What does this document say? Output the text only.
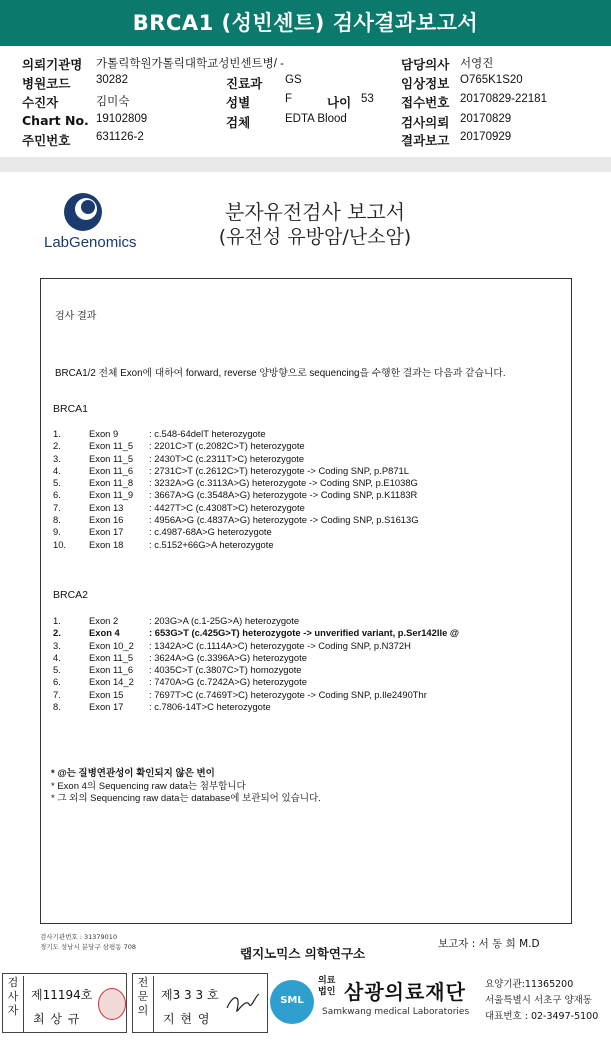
BRCA1 (성빈센트) 검사결과보고서
의뢰기관명 가톨릭학원가톨릭대학교성빈센트병/ -	담당의사 서영진
병원코드 30282	진료과 GS	임상정보 O765K1S20
수진자	김미숙	성별	F	나이 53 접수번호 20170829-22181
Chart No. 19102809	검체	EDTA Blood	검사의뢰 20170829
주민번호 631126-2	결과보고 20170929
LabGenomics
분자유전검사 보고서
(유전성 유방암/난소암)
검사 결과
BRCA1/2 전체 Exon에 대하여 forward, reverse 양방향으로 sequencing을 수행한 결과는 다음과 같습니다.
BRCA1
1.	Exon 9	: c.548-64delT heterozygote
2.	Exon 11_5 : 2201C>T (c.2082C>T) heterozygote
3.	Exon 11_5 : 2430T>C (c.2311T>C) heterozygote
4.	Exon 11_6 : 2731C>T (c.2612C>T) heterozygote -> Coding SNP, p.P871L
5.	Exon 11_8 : 3232A>G (c.3113A>G) heterozygote -> Coding SNP, p.E1038G
6.	Exon 11_9 : 3667A>G (c.3548A>G) heterozygote -> Coding SNP, p.K1183R
7.	Exon 13	: 4427T>C (c.4308T>C) heterozygote
8.	Exon 16	: 4956A>G (c.4837A>G) heterozygote -> Coding SNP, p.S1613G
9.	Exon 17	: c.4987-68A>G heterozygote
10. Exon 18	: c.5152+66G>A heterozygote
BRCA2
1.	Exon 2	: 203G>A (c.1-25G>A) heterozygote
2.	Exon 4	: 653G>T (c.425G>T) heterozygote -> unverified variant, p.Ser142Ile @
3.	Exon 10_2 : 1342A>C (c.1114A>C) heterozygote -> Coding SNP, p.N372H
4.	Exon 11_5 : 3624A>G (c.3396A>G) heterozygote
5.	Exon 11_6 : 4035C>T (c.3807C>T) homozygote
6.	Exon 14_2 : 7470A>G (c.7242A>G) heterozygote
7.	Exon 15	: 7697T>C (c.7469T>C) heterozygote -> Coding SNP, p.Ile2490Thr
8.	Exon 17	: c.7806-14T>C heterozygote
* @는 질병연관성이 확인되지 않은 변이
* Exon 4의 Sequencing raw data는 첨부합니다
* 그 외의 Sequencing raw data는 database에 보관되어 있습니다.
검사기관번호 : 31379010
경기도 성남시 분당구 삼평동 708	랩지노믹스 의학연구소
보고자 : 서 동 희 M.D
검사자
제11194호
최 상 규
전문의
제3 3 3 호
지 현 영
SML
의료법인 삼광의료재단
Samkwang medical Laboratories
요양기관:11365200
서울특별시 서초구 양재동
대표번호 : 02-3497-5100
